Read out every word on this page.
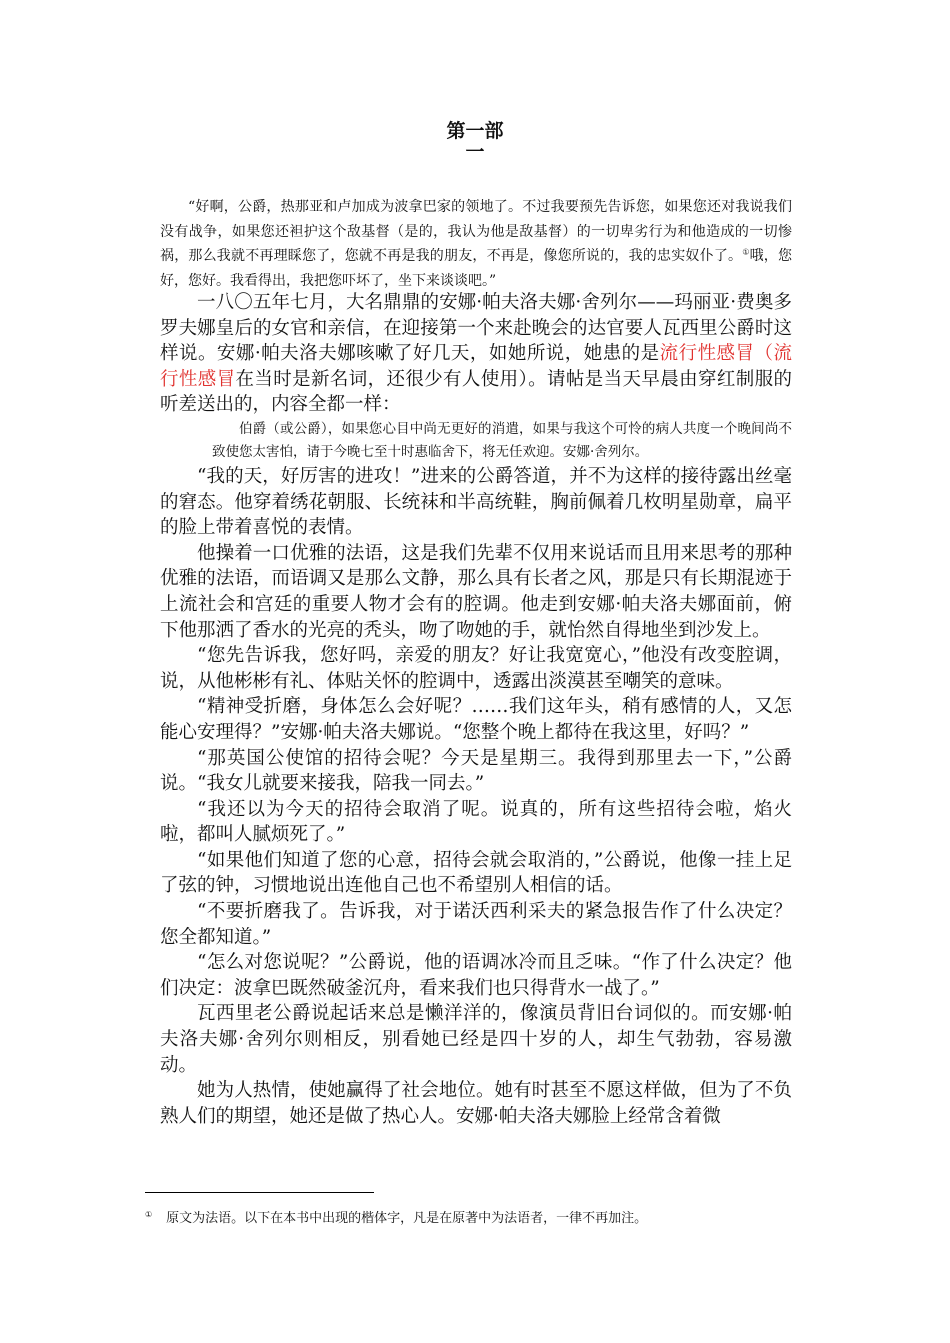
第一部
一

“好啊，公爵，热那亚和卢加成为波拿巴家的领地了。不过我要预先告诉您，如果您还对我说我们没有战争，如果您还袒护这个敌基督（是的，我认为他是敌基督）的一切卑劣行为和他造成的一切惨祸，那么我就不再理睬您了，您就不再是我的朋友，不再是，像您所说的，我的忠实奴仆了。①哦，您好，您好。我看得出，我把您吓坏了，坐下来谈谈吧。”

一八〇五年七月，大名鼎鼎的安娜·帕夫洛夫娜·舍列尔——玛丽亚·费奥多罗夫娜皇后的女官和亲信，在迎接第一个来赴晚会的达官要人瓦西里公爵时这样说。安娜·帕夫洛夫娜咳嗽了好几天，如她所说，她患的是流行性感冒（流行性感冒在当时是新名词，还很少有人使用）。请帖是当天早晨由穿红制服的听差送出的，内容全都一样：

伯爵（或公爵），如果您心目中尚无更好的消遣，如果与我这个可怜的病人共度一个晚间尚不致使您太害怕，请于今晚七至十时惠临舍下，将无任欢迎。安娜·舍列尔。

“我的天，好厉害的进攻！”进来的公爵答道，并不为这样的接待露出丝毫的窘态。他穿着绣花朝服、长统袜和半高统鞋，胸前佩着几枚明星勋章，扁平的脸上带着喜悦的表情。

他操着一口优雅的法语，这是我们先辈不仅用来说话而且用来思考的那种优雅的法语，而语调又是那么文静，那么具有长者之风，那是只有长期混迹于上流社会和宫廷的重要人物才会有的腔调。他走到安娜·帕夫洛夫娜面前，俯下他那洒了香水的光亮的秃头，吻了吻她的手，就怡然自得地坐到沙发上。

“您先告诉我，您好吗，亲爱的朋友？好让我宽宽心，”他没有改变腔调，说，从他彬彬有礼、体贴关怀的腔调中，透露出淡漠甚至嘲笑的意味。

“精神受折磨，身体怎么会好呢？……我们这年头，稍有感情的人，又怎能心安理得？”安娜·帕夫洛夫娜说。“您整个晚上都待在我这里，好吗？”

“那英国公使馆的招待会呢？今天是星期三。我得到那里去一下，”公爵说。“我女儿就要来接我，陪我一同去。”

“我还以为今天的招待会取消了呢。说真的，所有这些招待会啦，焰火啦，都叫人腻烦死了。”

“如果他们知道了您的心意，招待会就会取消的，”公爵说，他像一挂上足了弦的钟，习惯地说出连他自己也不希望别人相信的话。

“不要折磨我了。告诉我，对于诺沃西利采夫的紧急报告作了什么决定？您全都知道。”

“怎么对您说呢？”公爵说，他的语调冰冷而且乏味。“作了什么决定？他们决定：波拿巴既然破釜沉舟，看来我们也只得背水一战了。”

瓦西里老公爵说起话来总是懒洋洋的，像演员背旧台词似的。而安娜·帕夫洛夫娜·舍列尔则相反，别看她已经是四十岁的人，却生气勃勃，容易激动。

她为人热情，使她赢得了社会地位。她有时甚至不愿这样做，但为了不负熟人们的期望，她还是做了热心人。安娜·帕夫洛夫娜脸上经常含着微

① 原文为法语。以下在本书中出现的楷体字，凡是在原著中为法语者，一律不再加注。
